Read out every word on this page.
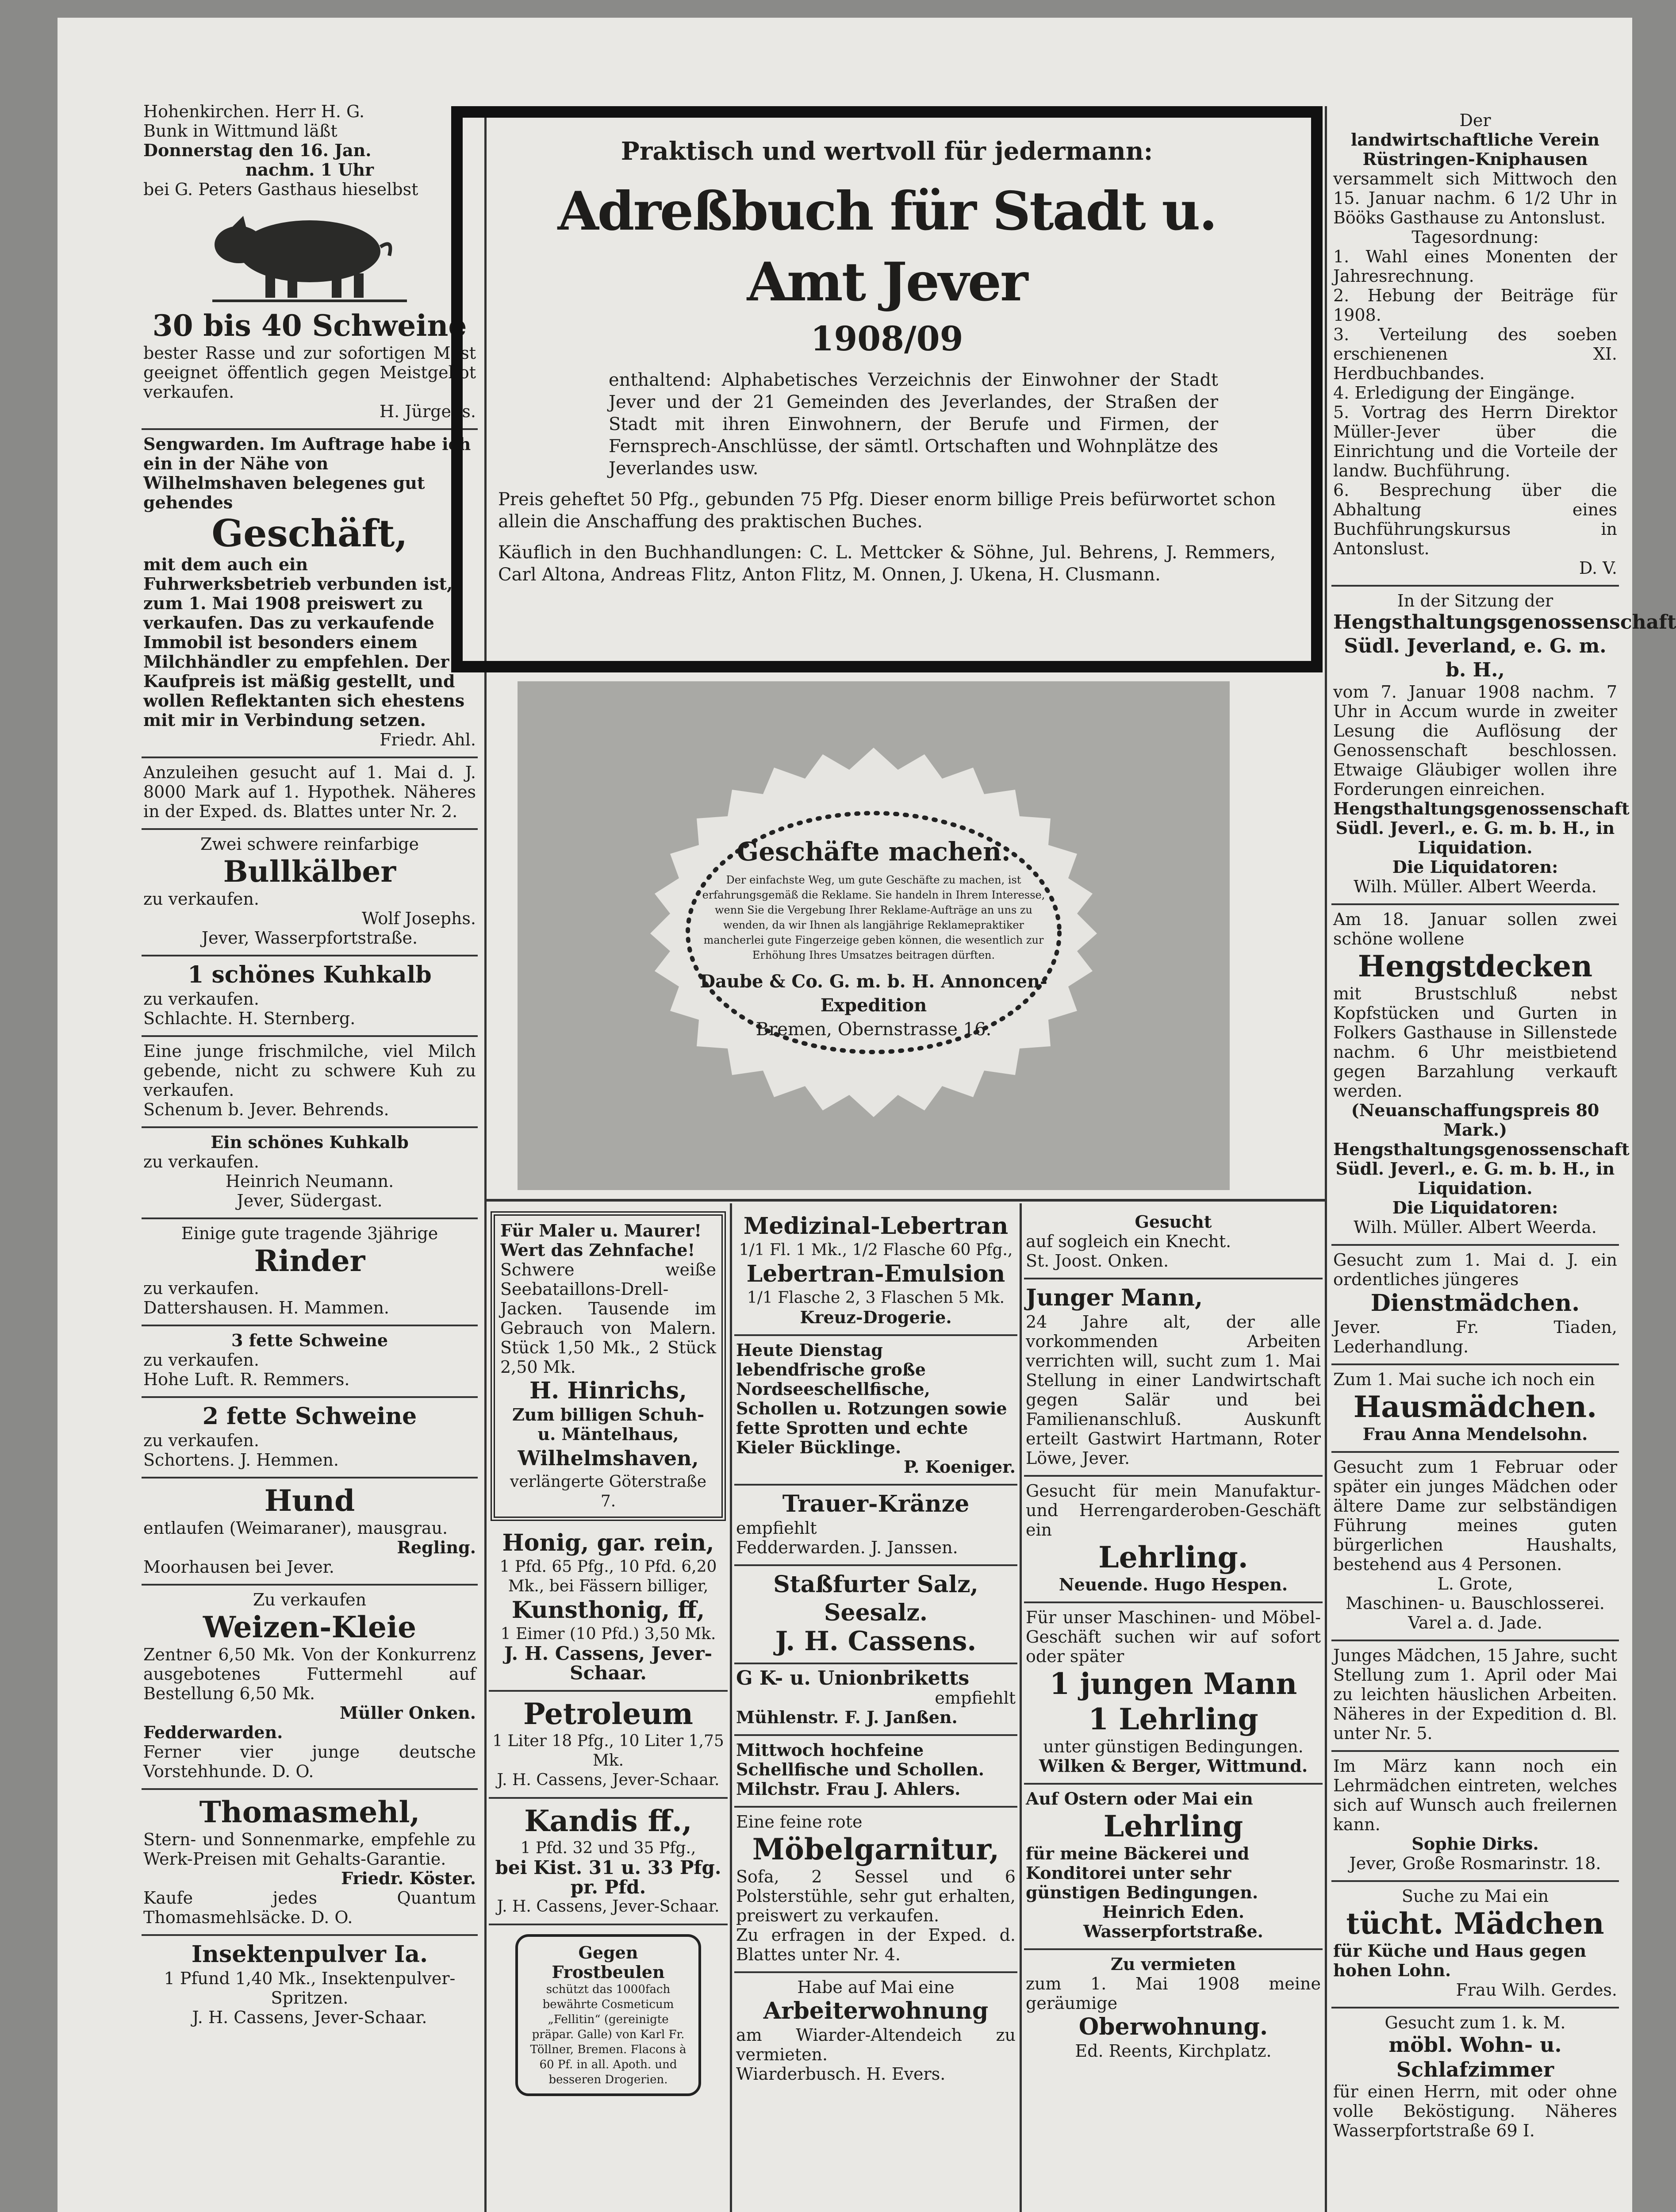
Hohenkirchen. Herr H. G.
Bunk in Wittmund läßt
Donnerstag den 16. Jan.
nachm. 1 Uhr
bei G. Peters Gasthaus hieselbst
30 bis 40 Schweine
bester Rasse und zur sofortigen Mast geeignet öffentlich gegen Meistgebot verkaufen.
H. Jürgens.
Sengwarden. Im Auftrage habe ich ein in der Nähe von Wilhelmshaven belegenes gut gehendes
Geschäft,
mit dem auch ein Fuhrwerksbetrieb verbunden ist, zum 1. Mai 1908 preiswert zu verkaufen. Das zu verkaufende Immobil ist besonders einem Milchhändler zu empfehlen. Der Kaufpreis ist mäßig gestellt, und wollen Reflektanten sich ehestens mit mir in Verbindung setzen.
Friedr. Ahl.
Anzuleihen gesucht auf 1. Mai d. J. 8000 Mark auf 1. Hypothek. Näheres in der Exped. ds. Blattes unter Nr. 2.
Zwei schwere reinfarbige
Bullkälber
zu verkaufen.
Wolf Josephs.
Jever, Wasserpfortstraße.
1 schönes Kuhkalb
zu verkaufen.
Schlachte. H. Sternberg.
Eine junge frischmilche, viel Milch gebende, nicht zu schwere Kuh zu verkaufen.
Schenum b. Jever. Behrends.
Ein schönes Kuhkalb
zu verkaufen.
Heinrich Neumann.
Jever, Südergast.
Einige gute tragende 3jährige
Rinder
zu verkaufen.
Dattershausen. H. Mammen.
3 fette Schweine
zu verkaufen.
Hohe Luft. R. Remmers.
2 fette Schweine
zu verkaufen.
Schortens. J. Hemmen.
Hund
entlaufen (Weimaraner), mausgrau.
Regling.
Moorhausen bei Jever.
Zu verkaufen
Weizen-Kleie
Zentner 6,50 Mk. Von der Konkurrenz ausgebotenes Futtermehl auf Bestellung 6,50 Mk.
Müller Onken.
Fedderwarden.
Ferner vier junge deutsche Vorstehhunde. D. O.
Thomasmehl,
Stern- und Sonnenmarke, empfehle zu Werk-Preisen mit Gehalts-Garantie.
Friedr. Köster.
Kaufe jedes Quantum Thomasmehlsäcke. D. O.
Insektenpulver Ia.
1 Pfund 1,40 Mk., Insektenpulver-Spritzen.
J. H. Cassens, Jever-Schaar.
Praktisch und wertvoll für jedermann:
Adreßbuch für Stadt u. Amt Jever
1908/09
enthaltend: Alphabetisches Verzeichnis der Einwohner der Stadt Jever und der 21 Gemeinden des Jeverlandes, der Straßen der Stadt mit ihren Einwohnern, der Berufe und Firmen, der Fernsprech-Anschlüsse, der sämtl. Ortschaften und Wohnplätze des Jeverlandes usw.
Preis geheftet 50 Pfg., gebunden 75 Pfg. Dieser enorm billige Preis befürwortet schon allein die Anschaffung des praktischen Buches.
Käuflich in den Buchhandlungen: C. L. Mettcker & Söhne, Jul. Behrens, J. Remmers, Carl Altona, Andreas Flitz, Anton Flitz, M. Onnen, J. Ukena, H. Clusmann.
Geschäfte machen.
Der einfachste Weg, um gute Geschäfte zu machen, ist erfahrungsgemäß die Reklame. Sie handeln in Ihrem Interesse, wenn Sie die Vergebung Ihrer Reklame-Aufträge an uns zu wenden, da wir Ihnen als langjährige Reklamepraktiker mancherlei gute Fingerzeige geben können, die wesentlich zur Erhöhung Ihres Umsatzes beitragen dürften.
Daube & Co. G. m. b. H. Annoncen-Expedition
Bremen, Obernstrasse 16.
Für Maler u. Maurer!
Wert das Zehnfache!
Schwere weiße Seebataillons-Drell-Jacken. Tausende im Gebrauch von Malern. Stück 1,50 Mk., 2 Stück 2,50 Mk.
H. Hinrichs,
Zum billigen Schuh- u. Mäntelhaus,
Wilhelmshaven,
verlängerte Göterstraße 7.
Honig, gar. rein,
1 Pfd. 65 Pfg., 10 Pfd. 6,20 Mk., bei Fässern billiger,
Kunsthonig, ff,
1 Eimer (10 Pfd.) 3,50 Mk.
J. H. Cassens, Jever-Schaar.
Petroleum
1 Liter 18 Pfg., 10 Liter 1,75 Mk.
J. H. Cassens, Jever-Schaar.
Kandis ff.,
1 Pfd. 32 und 35 Pfg.,
bei Kist. 31 u. 33 Pfg. pr. Pfd.
J. H. Cassens, Jever-Schaar.
Gegen Frostbeulen
schützt das 1000fach bewährte Cosmeticum „Fellitin“ (gereinigte präpar. Galle) von Karl Fr. Töllner, Bremen. Flacons à 60 Pf. in all. Apoth. und besseren Drogerien.
Medizinal-Lebertran
1/1 Fl. 1 Mk., 1/2 Flasche 60 Pfg.,
Lebertran-Emulsion
1/1 Flasche 2, 3 Flaschen 5 Mk.
Kreuz-Drogerie.
Heute Dienstag lebendfrische große Nordseeschellfische, Schollen u. Rotzungen sowie fette Sprotten und echte Kieler Bücklinge.
P. Koeniger.
Trauer-Kränze
empfiehlt
Fedderwarden. J. Janssen.
Staßfurter Salz, Seesalz.
J. H. Cassens.
G K- u. Unionbriketts
empfiehlt
Mühlenstr. F. J. Janßen.
Mittwoch hochfeine Schellfische und Schollen.
Milchstr. Frau J. Ahlers.
Eine feine rote
Möbelgarnitur,
Sofa, 2 Sessel und 6 Polsterstühle, sehr gut erhalten, preiswert zu verkaufen.
Zu erfragen in der Exped. d. Blattes unter Nr. 4.
Habe auf Mai eine
Arbeiterwohnung
am Wiarder-Altendeich zu vermieten.
Wiarderbusch. H. Evers.
Gesucht
auf sogleich ein Knecht.
St. Joost. Onken.
Junger Mann,
24 Jahre alt, der alle vorkommenden Arbeiten verrichten will, sucht zum 1. Mai Stellung in einer Landwirtschaft gegen Salär und bei Familienanschluß. Auskunft erteilt Gastwirt Hartmann, Roter Löwe, Jever.
Gesucht für mein Manufaktur- und Herrengarderoben-Geschäft ein
Lehrling.
Neuende. Hugo Hespen.
Für unser Maschinen- und Möbel-Geschäft suchen wir auf sofort oder später
1 jungen Mann
1 Lehrling
unter günstigen Bedingungen.
Wilken & Berger, Wittmund.
Auf Ostern oder Mai ein
Lehrling
für meine Bäckerei und Konditorei unter sehr günstigen Bedingungen.
Heinrich Eden.
Wasserpfortstraße.
Zu vermieten
zum 1. Mai 1908 meine geräumige
Oberwohnung.
Ed. Reents, Kirchplatz.
Der
landwirtschaftliche Verein
Rüstringen-Kniphausen
versammelt sich Mittwoch den 15. Januar nachm. 6 1/2 Uhr in Bööks Gasthause zu Antonslust.
Tagesordnung:
1. Wahl eines Monenten der Jahresrechnung.
2. Hebung der Beiträge für 1908.
3. Verteilung des soeben erschienenen XI. Herdbuchbandes.
4. Erledigung der Eingänge.
5. Vortrag des Herrn Direktor Müller-Jever über die Einrichtung und die Vorteile der landw. Buchführung.
6. Besprechung über die Abhaltung eines Buchführungskursus in Antonslust.
D. V.
In der Sitzung der
Hengsthaltungsgenossenschaft Südl. Jeverland, e. G. m. b. H.,
vom 7. Januar 1908 nachm. 7 Uhr in Accum wurde in zweiter Lesung die Auflösung der Genossenschaft beschlossen. Etwaige Gläubiger wollen ihre Forderungen einreichen.
Hengsthaltungsgenossenschaft Südl. Jeverl., e. G. m. b. H., in Liquidation.
Die Liquidatoren:
Wilh. Müller. Albert Weerda.
Am 18. Januar sollen zwei schöne wollene
Hengstdecken
mit Brustschluß nebst Kopfstücken und Gurten in Folkers Gasthause in Sillenstede nachm. 6 Uhr meistbietend gegen Barzahlung verkauft werden.
(Neuanschaffungspreis 80 Mark.)
Hengsthaltungsgenossenschaft Südl. Jeverl., e. G. m. b. H., in Liquidation.
Die Liquidatoren:
Wilh. Müller. Albert Weerda.
Gesucht zum 1. Mai d. J. ein ordentliches jüngeres
Dienstmädchen.
Jever. Fr. Tiaden, Lederhandlung.
Zum 1. Mai suche ich noch ein
Hausmädchen.
Frau Anna Mendelsohn.
Gesucht zum 1 Februar oder später ein junges Mädchen oder ältere Dame zur selbständigen Führung meines guten bürgerlichen Haushalts, bestehend aus 4 Personen.
L. Grote,
Maschinen- u. Bauschlosserei. Varel a. d. Jade.
Junges Mädchen, 15 Jahre, sucht Stellung zum 1. April oder Mai zu leichten häuslichen Arbeiten. Näheres in der Expedition d. Bl. unter Nr. 5.
Im März kann noch ein Lehrmädchen eintreten, welches sich auf Wunsch auch freilernen kann.
Sophie Dirks.
Jever, Große Rosmarinstr. 18.
Suche zu Mai ein
tücht. Mädchen
für Küche und Haus gegen hohen Lohn.
Frau Wilh. Gerdes.
Gesucht zum 1. k. M.
möbl. Wohn- u. Schlafzimmer
für einen Herrn, mit oder ohne volle Beköstigung. Näheres Wasserpfortstraße 69 I.
